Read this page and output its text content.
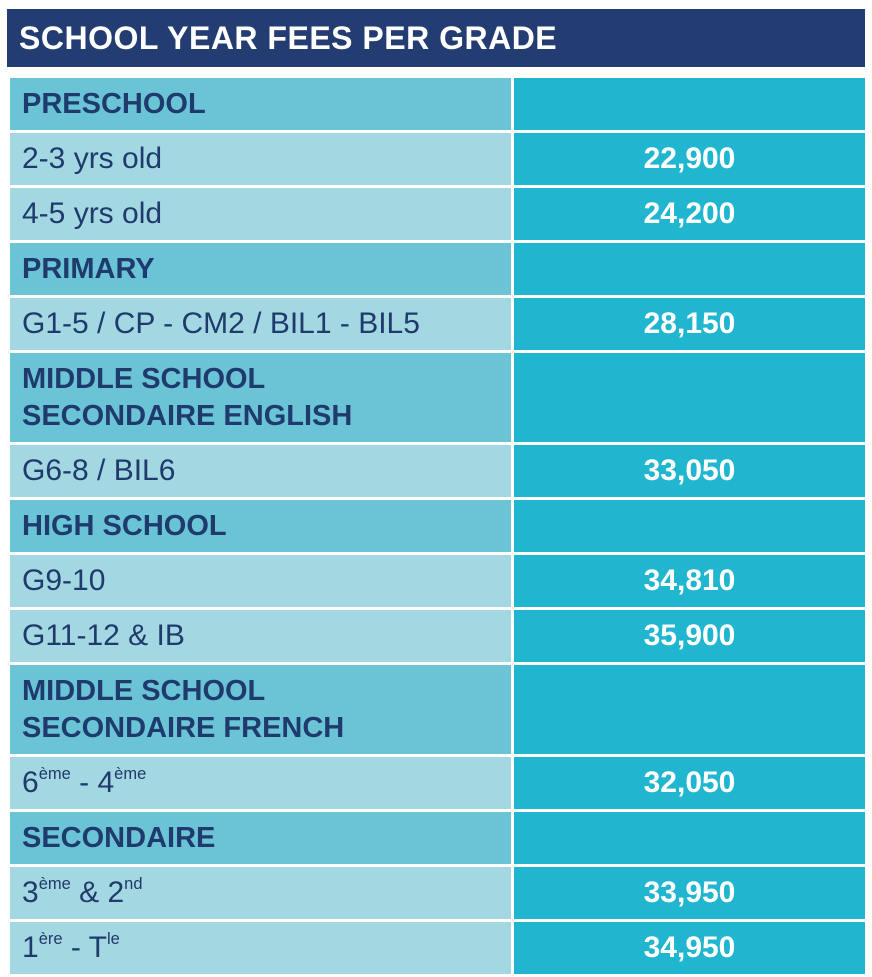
SCHOOL YEAR FEES PER GRADE
PRESCHOOL	
2-3 yrs old	22,900
4-5 yrs old	24,200
PRIMARY	
G1-5 / CP - CM2 / BIL1 - BIL5	28,150

MIDDLE SCHOOL
SECONDAIRE ENGLISH	

G6-8 / BIL6	33,050
HIGH SCHOOL	
G9-10	34,810
G11-12 & IB	35,900

MIDDLE SCHOOL
SECONDAIRE FRENCH	

6ème - 4ème	32,050
SECONDAIRE	
3ème & 2nd	33,950
$1ère - T^{le}$	34,950
